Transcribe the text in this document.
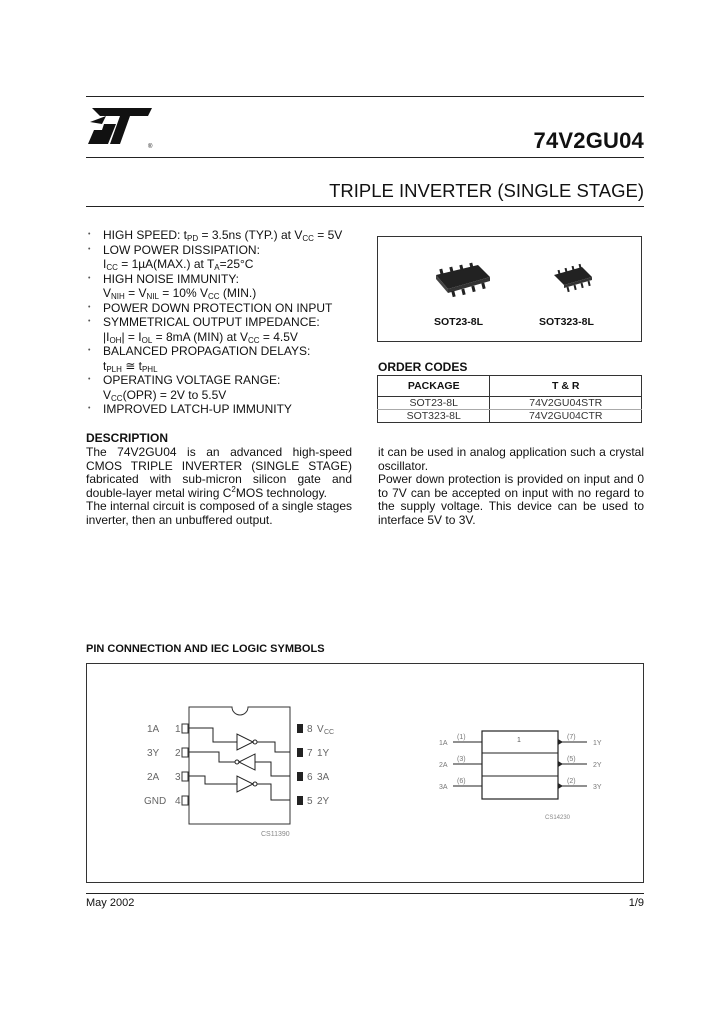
®	74V2GU04
TRIPLE INVERTER (SINGLE STAGE)
• HIGH SPEED: $t_{PD} = 3.5ns$ (TYP.) at $V_{CC} = 5V$
• LOW POWER DISSIPATION:
$I_{CC} = 1\mu A(MAX.)$ at $T_A=25^\circ C$
• HIGH NOISE IMMUNITY:
$V_{NIH} = V_{NIL} = 10\%$ $V_{CC}$ (MIN.)
• POWER DOWN PROTECTION ON INPUT
• SYMMETRICAL OUTPUT IMPEDANCE:
$|I_{OH}| = I_{OL} = 8mA$ (MIN) at $V_{CC} = 4.5V$
• BALANCED PROPAGATION DELAYS:
$t_{PLH}$ ≅ $t_{PHL}$
• OPERATING VOLTAGE RANGE:
$V_{CC}(OPR) = 2V$ to 5.5V
• IMPROVED LATCH-UP IMMUNITY
SOT23-8L	SOT323-8L
ORDER CODES
PACKAGE	T & R
SOT23-8L	74V2GU04STR
SOT323-8L	74V2GU04CTR
DESCRIPTION
The 74V2GU04 is an advanced high-speed CMOS TRIPLE INVERTER (SINGLE STAGE) fabricated with sub-micron silicon gate and double-layer metal wiring $C^2MOS$ technology.
The internal circuit is composed of a single stages inverter, then an unbuffered output.
it can be used in analog application such a crystal oscillator.
Power down protection is provided on input and 0 to 7V can be accepted on input with no regard to the supply voltage. This device can be used to interface 5V to 3V.
PIN CONNECTION AND IEC LOGIC SYMBOLS
1A 1
3Y 2
2A 3
GND 4
8 V CC
7 1Y
6 3A
5 2Y
CS11390
1
1A
(1)
2A
(3)
3A
(6)
(7)
1Y
(5)
2Y
(2)
3Y
CS14230
May 2002	1/9
